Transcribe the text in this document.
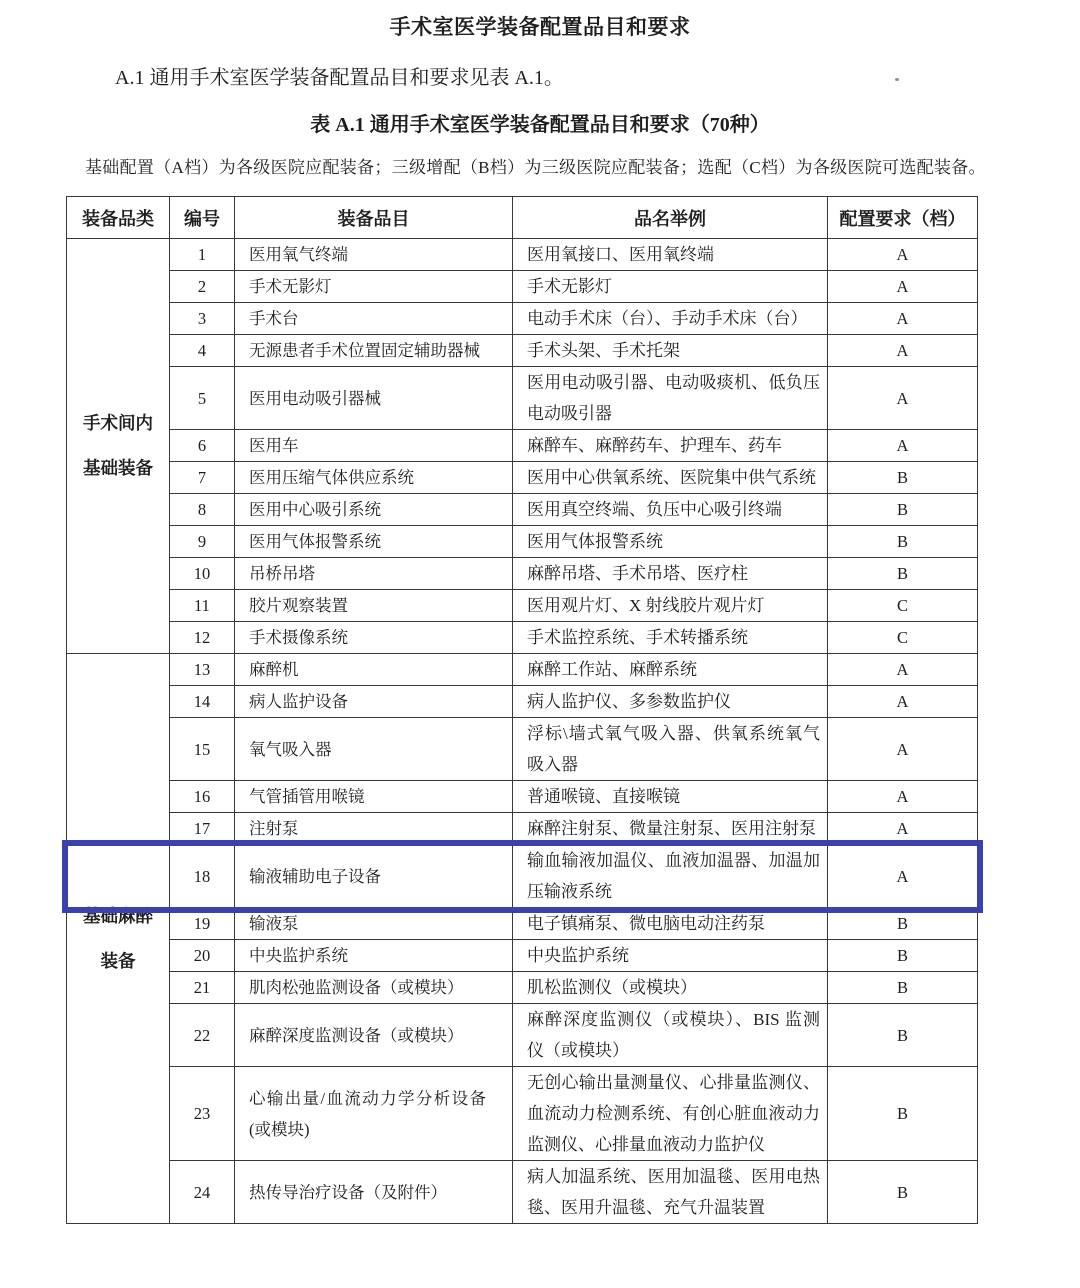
手术室医学装备配置品目和要求

A.1 通用手术室医学装备配置品目和要求见表 A.1。

表 A.1 通用手术室医学装备配置品目和要求（70种）

基础配置（A档）为各级医院应配装备；三级增配（B档）为三级医院应配装备；选配（C档）为各级医院可选配装备。

装备品类	编号	装备品目	品名举例	配置要求（档）
手术间内基础装备	1	医用氧气终端	医用氧接口、医用氧终端	A
	2	手术无影灯	手术无影灯	A
	3	手术台	电动手术床（台）、手动手术床（台）	A
	4	无源患者手术位置固定辅助器械	手术头架、手术托架	A
	5	医用电动吸引器械	医用电动吸引器、电动吸痰机、低负压电动吸引器	A
	6	医用车	麻醉车、麻醉药车、护理车、药车	A
	7	医用压缩气体供应系统	医用中心供氧系统、医院集中供气系统	B
	8	医用中心吸引系统	医用真空终端、负压中心吸引终端	B
	9	医用气体报警系统	医用气体报警系统	B
	10	吊桥吊塔	麻醉吊塔、手术吊塔、医疗柱	B
	11	胶片观察装置	医用观片灯、X 射线胶片观片灯	C
	12	手术摄像系统	手术监控系统、手术转播系统	C
基础麻醉装备	13	麻醉机	麻醉工作站、麻醉系统	A
	14	病人监护设备	病人监护仪、多参数监护仪	A
	15	氧气吸入器	浮标\墙式氧气吸入器、供氧系统氧气吸入器	A
	16	气管插管用喉镜	普通喉镜、直接喉镜	A
	17	注射泵	麻醉注射泵、微量注射泵、医用注射泵	A
	18	输液辅助电子设备	输血输液加温仪、血液加温器、加温加压输液系统	A
	19	输液泵	电子镇痛泵、微电脑电动注药泵	B
	20	中央监护系统	中央监护系统	B
	21	肌肉松弛监测设备（或模块）	肌松监测仪（或模块）	B
	22	麻醉深度监测设备（或模块）	麻醉深度监测仪（或模块）、BIS 监测仪（或模块）	B
	23	心输出量/血流动力学分析设备(或模块)	无创心输出量测量仪、心排量监测仪、血流动力检测系统、有创心脏血液动力监测仪、心排量血液动力监护仪	B
	24	热传导治疗设备（及附件）	病人加温系统、医用加温毯、医用电热毯、医用升温毯、充气升温装置	B
